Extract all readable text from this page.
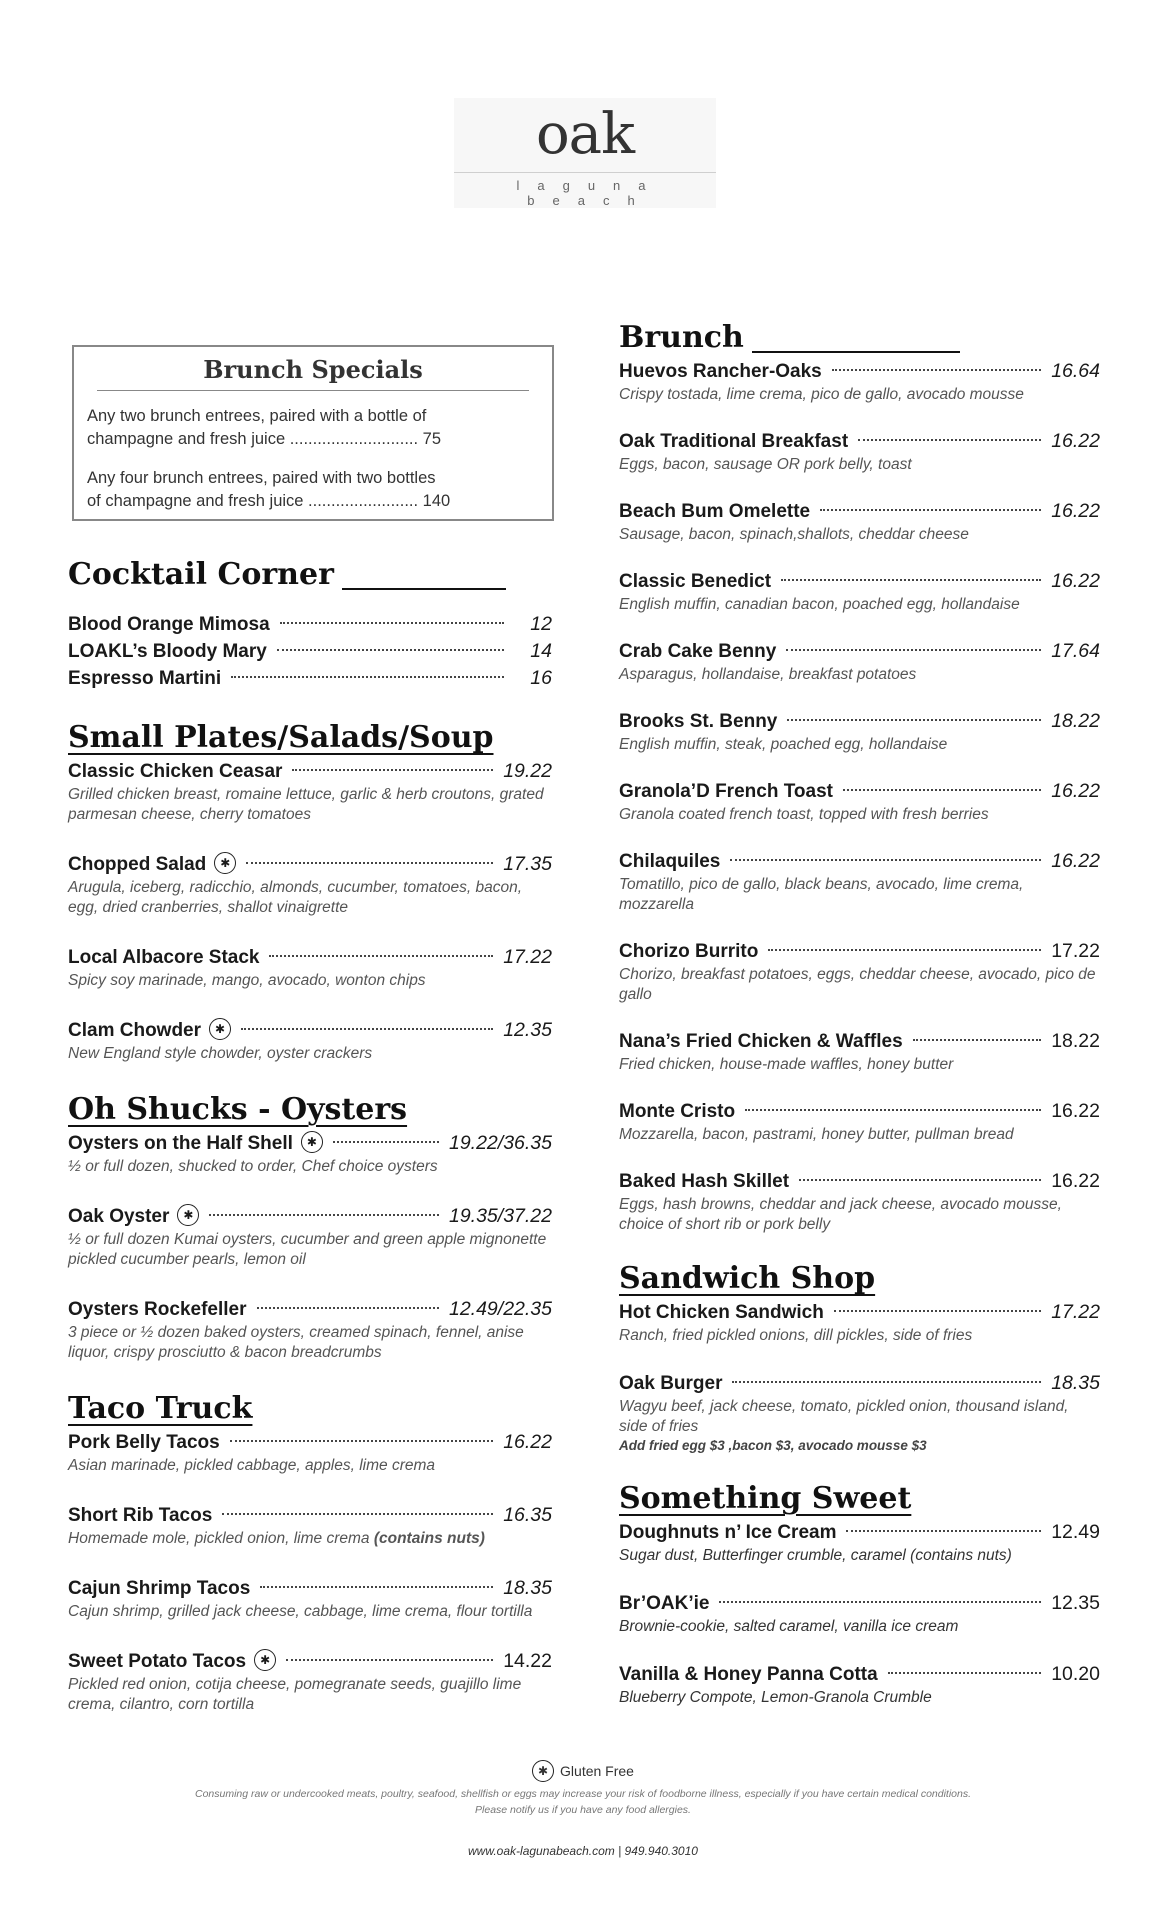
oak
laguna beach
Brunch Specials
Any two brunch entrees, paired with a bottle of
champagne and fresh juice ............................ 75
Any four brunch entrees, paired with two bottles
of champagne and fresh juice ........................ 140
Cocktail Corner
Blood Orange Mimosa	12
LOAKL’s Bloody Mary	14
Espresso Martini	16
Small Plates/Salads/Soup
Classic Chicken Ceasar	19.22
Grilled chicken breast, romaine lettuce, garlic & herb croutons, grated parmesan cheese, cherry tomatoes
Chopped Salad	✱	17.35
Arugula, iceberg, radicchio, almonds, cucumber, tomatoes, bacon, egg, dried cranberries, shallot vinaigrette
Local Albacore Stack	17.22
Spicy soy marinade, mango, avocado, wonton chips
Clam Chowder	✱	12.35
New England style chowder, oyster crackers
Oh Shucks - Oysters
Oysters on the Half Shell	✱	19.22/36.35
½ or full dozen, shucked to order, Chef choice oysters
Oak Oyster	✱	19.35/37.22
½ or full dozen Kumai oysters, cucumber and green apple mignonette pickled cucumber pearls, lemon oil
Oysters Rockefeller	12.49/22.35
3 piece or ½ dozen baked oysters, creamed spinach, fennel, anise liquor, crispy prosciutto & bacon breadcrumbs
Taco Truck
Pork Belly Tacos	16.22
Asian marinade, pickled cabbage, apples, lime crema
Short Rib Tacos	16.35
Homemade mole, pickled onion, lime crema (contains nuts)
Cajun Shrimp Tacos	18.35
Cajun shrimp, grilled jack cheese, cabbage, lime crema, flour tortilla
Sweet Potato Tacos	✱	14.22
Pickled red onion, cotija cheese, pomegranate seeds, guajillo lime crema, cilantro, corn tortilla
Brunch
Huevos Rancher-Oaks	16.64
Crispy tostada, lime crema, pico de gallo, avocado mousse
Oak Traditional Breakfast	16.22
Eggs, bacon, sausage OR pork belly, toast
Beach Bum Omelette	16.22
Sausage, bacon, spinach,shallots, cheddar cheese
Classic Benedict	16.22
English muffin, canadian bacon, poached egg, hollandaise
Crab Cake Benny	17.64
Asparagus, hollandaise, breakfast potatoes
Brooks St. Benny	18.22
English muffin, steak, poached egg, hollandaise
Granola’D French Toast	16.22
Granola coated french toast, topped with fresh berries
Chilaquiles	16.22
Tomatillo, pico de gallo, black beans, avocado, lime crema, mozzarella
Chorizo Burrito	17.22
Chorizo, breakfast potatoes, eggs, cheddar cheese, avocado, pico de gallo
Nana’s Fried Chicken & Waffles	18.22
Fried chicken, house-made waffles, honey butter
Monte Cristo	16.22
Mozzarella, bacon, pastrami, honey butter, pullman bread
Baked Hash Skillet	16.22
Eggs, hash browns, cheddar and jack cheese, avocado mousse, choice of short rib or pork belly
Sandwich Shop
Hot Chicken Sandwich	17.22
Ranch, fried pickled onions, dill pickles, side of fries
Oak Burger	18.35
Wagyu beef, jack cheese, tomato, pickled onion, thousand island, side of fries
Add fried egg $3 ,bacon $3, avocado mousse $3
Something Sweet
Doughnuts n’ Ice Cream	12.49
Sugar dust, Butterfinger crumble, caramel (contains nuts)
Br’OAK’ie	12.35
Brownie-cookie, salted caramel, vanilla ice cream
Vanilla & Honey Panna Cotta	10.20
Blueberry Compote, Lemon-Granola Crumble
✱ Gluten Free
Consuming raw or undercooked meats, poultry, seafood, shellfish or eggs may increase your risk of foodborne illness, especially if you have certain medical conditions.
Please notify us if you have any food allergies.
www.oak-lagunabeach.com | 949.940.3010
